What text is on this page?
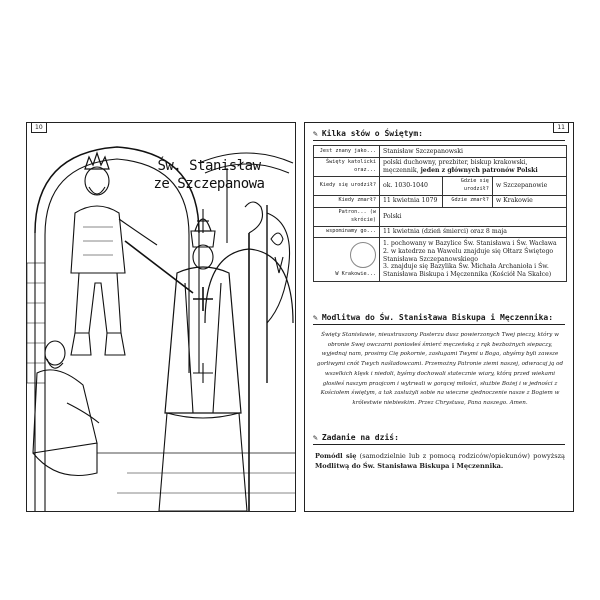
10
Św. Stanisław
ze Szczepanowa
11
✎ Kilka słów o Świętym:
Jest znany jako...	Stanisław Szczepanowski		
Święty katolicki oraz...	polski duchowny, prezbiter, biskup krakowski, męczennik, jeden z głównych patronów Polski		
Kiedy się urodził?	ok. 1030-1040	Gdzie się urodził?	w Szczepanowie
Kiedy zmarł?	11 kwietnia 1079	Gdzie zmarł?	w Krakowie
Patron... (w skrócie)	Polski		
wspominamy go...	11 kwietnia (dzień śmierci) oraz 8 maja		

W Krakowie...	1. pochowany w Bazylice Św. Stanisława i Św. Wacława
2. w katedrze na Wawelu znajduje się Ołtarz Świętego Stanisława Szczepanowskiego
3. znajduje się Bazylika Św. Michała Archanioła i Św. Stanisława Biskupa i Męczennika (Kościół Na Skałce)		
✎ Modlitwa do Św. Stanisława Biskupa i Męczennika:
Święty Stanisławie, nieustraszony Pasterzu dusz powierzonych Twej pieczy, który w obronie Swej owczarni poniosłeś śmierć męczeńską z rąk bezbożnych siepaczy, wyjednaj nam, prosimy Cię pokornie, zasługami Twymi u Boga, abyśmy byli zawsze gorliwymi cnót Twych naśladowcami. Przemożny Patronie ziemi naszej, odwracaj ją od wszelkich klęsk i niedoli, byśmy dochowali statecznie wiary, którą przed wiekami głosiłeś naszym praojcom i wytrwali w gorącej miłości, służbie Bożej i w jedności z Kościołem świętym, a tak zasłużyli sobie na wieczne zjednoczenie nasze z Bogiem w królestwie niebieskim. Przez Chrystusa, Pana naszego. Amen.
✎ Zadanie na dziś:
Pomódl się (samodzielnie lub z pomocą rodziców/opiekunów) powyższą Modlitwą do Św. Stanisława Biskupa i Męczennika.
